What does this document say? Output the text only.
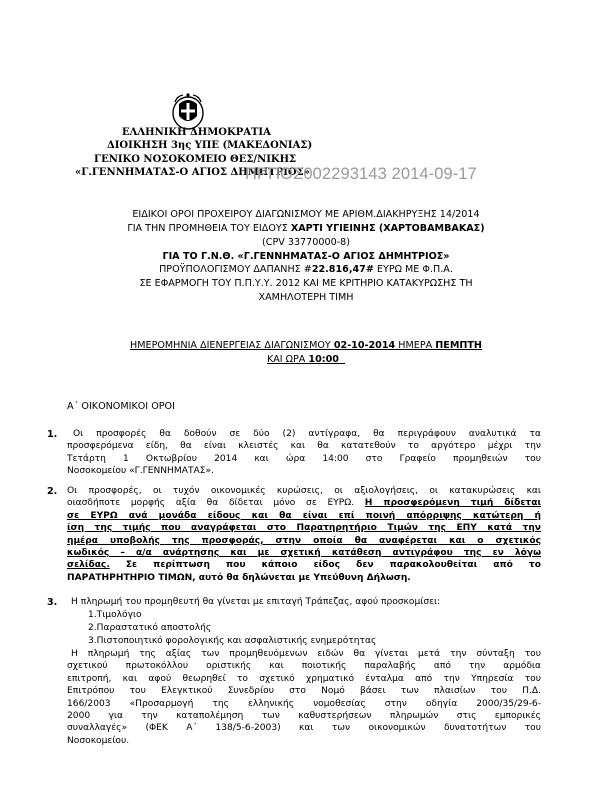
ΕΛΛΗΝΙΚΗ ΔΗΜΟΚΡΑΤΙΑ
ΔΙΟΙΚΗΣΗ 3ης ΥΠΕ (ΜΑΚΕΔΟΝΙΑΣ)
ΓΕΝΙΚΟ ΝΟΣΟΚΟΜΕΙΟ ΘΕΣ/ΝΙΚΗΣ
«Γ.ΓΕΝΝΗΜΑΤΑΣ-Ο ΑΓΙΟΣ ΔΗΜΗΤΡΙΟΣ»
ΠΡΠΟΣ002293143 2014-09-17
ΕΙΔΙΚΟΙ ΟΡΟΙ ΠΡΟΧΕΙΡΟΥ ΔΙΑΓΩΝΙΣΜΟΥ ΜΕ ΑΡΙΘΜ.ΔΙΑΚΗΡΥΞΗΣ 14/2014
ΓΙΑ ΤΗΝ ΠΡΟΜΗΘΕΙΑ ΤΟΥ ΕΙΔΟΥΣ ΧΑΡΤΙ ΥΓΙΕΙΝΗΣ (ΧΑΡΤΟΒΑΜΒΑΚΑΣ)
(CPV 33770000-8)
ΓΙΑ ΤΟ Γ.Ν.Θ. «Γ.ΓΕΝΝΗΜΑΤΑΣ-Ο ΑΓΙΟΣ ΔΗΜΗΤΡΙΟΣ»
ΠΡΟΫΠΟΛΟΓΙΣΜΟΥ ΔΑΠΑΝΗΣ #22.816,47# ΕΥΡΩ ΜΕ Φ.Π.Α.
ΣΕ ΕΦΑΡΜΟΓΗ ΤΟΥ Π.Π.Υ.Υ. 2012 ΚΑΙ ΜΕ ΚΡΙΤΗΡΙΟ ΚΑΤΑΚΥΡΩΣΗΣ ΤΗ
ΧΑΜΗΛΟΤΕΡΗ ΤΙΜΗ
ΗΜΕΡΟΜΗΝΙΑ ΔΙΕΝΕΡΓΕΙΑΣ ΔΙΑΓΩΝΙΣΜΟΥ 02-10-2014 ΗΜΕΡΑ ΠΕΜΠΤΗ
ΚΑΙ ΩΡΑ 10:00
Α΄ ΟΙΚΟΝΟΜΙΚΟΙ ΟΡΟΙ
1.	Οι προσφορές θα δοθούν σε δύο (2) αντίγραφα, θα περιγράφουν αναλυτικά τα
προσφερόμενα είδη, θα είναι κλειστές και θα κατατεθούν το αργότερο μέχρι την
Τετάρτη 1 Οκτωβρίου 2014 και ώρα 14:00 στο Γραφείο προμηθειών του
Νοσοκομείου «Γ.ΓΕΝΝΗΜΑΤΑΣ».
2. Οι προσφορές, οι τυχόν οικονομικές κυρώσεις, οι αξιολογήσεις, οι κατακυρώσεις και
οιασδήποτε μορφής αξία θα δίδεται μόνο σε ΕΥΡΩ. Η προσφερόμενη τιμή δίδεται
σε ΕΥΡΩ ανά μονάδα είδους και θα είναι επί ποινή απόρριψης κατώτερη ή
ίση της τιμής που αναγράφεται στο Παρατηρητήριο Τιμών της ΕΠΥ κατά την
ημέρα υποβολής της προσφοράς, στην οποία θα αναφέρεται και ο σχετικός
κωδικός – α/α ανάρτησης και με σχετική κατάθεση αντιγράφου της εν λόγω
σελίδας. Σε περίπτωση που κάποιο είδος δεν παρακολουθείται από το
ΠΑΡΑΤΗΡΗΤΗΡΙΟ ΤΙΜΩΝ, αυτό θα δηλώνεται με Υπεύθυνη Δήλωση.
3.	Η πληρωμή του προμηθευτή θα γίνεται με επιταγή Τράπεζας, αφού προσκομίσει:
1.Τιμολόγιο
2.Παραστατικό αποστολής
3.Πιστοποιητικό φορολογικής και ασφαλιστικής ενημερότητας
Η πληρωμή της αξίας των προμηθευόμενων ειδών θα γίνεται μετά την σύνταξη του
σχετικού πρωτοκόλλου οριστικής και ποιοτικής παραλαβής από την αρμόδια
επιτροπή, και αφού θεωρηθεί το σχετικό χρηματικό ένταλμα από την Υπηρεσία του
Επιτρόπου του Ελεγκτικού Συνεδρίου στο Νομό βάσει των πλαισίων του Π.Δ.
166/2003 «Προσαρμογή της ελληνικής νομοθεσίας στην οδηγία 2000/35/29-6-
2000 για την καταπολέμηση των καθυστερήσεων πληρωμών στις εμπορικές
συναλλαγές» (ΦΕΚ Α΄ 138/5-6-2003) και των οικονομικών δυνατοτήτων του
Νοσοκομείου.
